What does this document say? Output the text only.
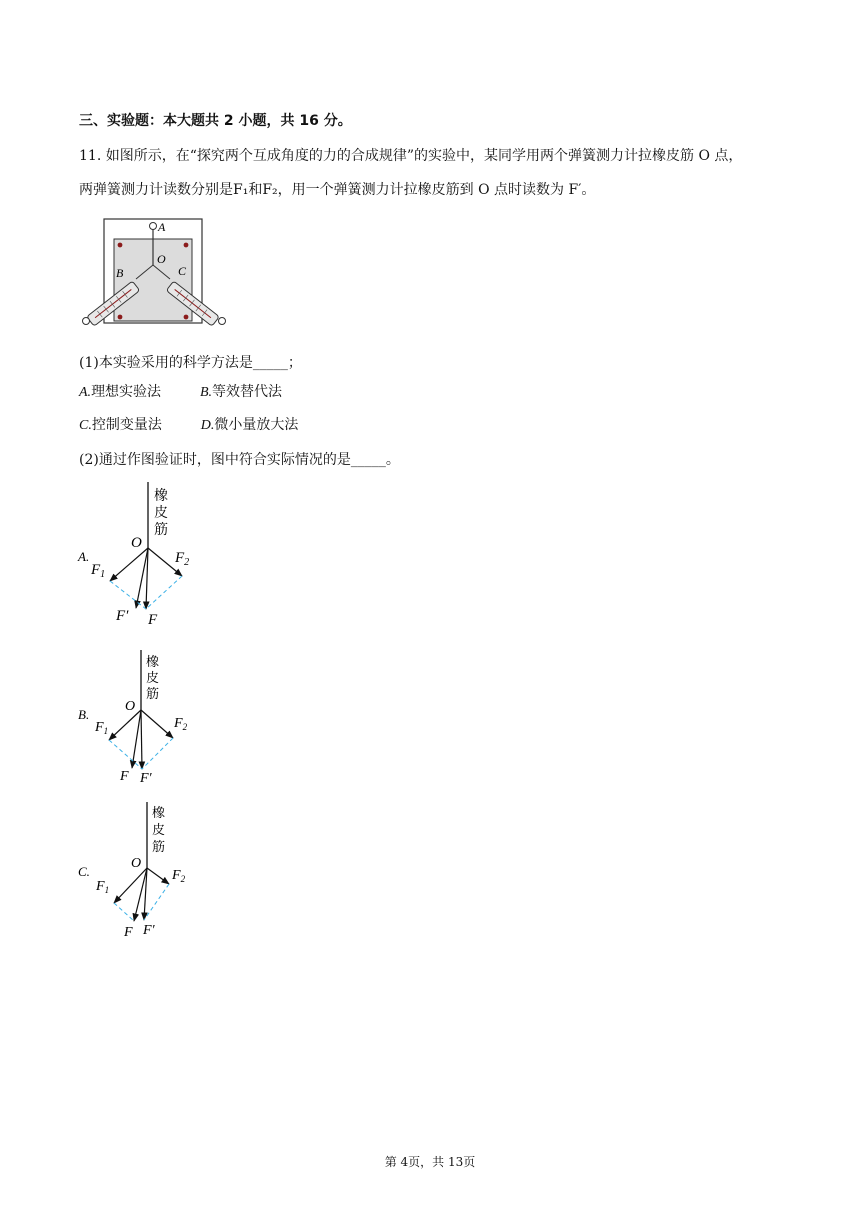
三、实验题：本大题共 2 小题，共 16 分。
11. 如图所示，在“探究两个互成角度的力的合成规律”的实验中，某同学用两个弹簧测力计拉橡皮筋 O 点，
两弹簧测力计读数分别是F₁和F₂，用一个弹簧测力计拉橡皮筋到 O 点时读数为 F′。
A
O
B	C
(1)本实验采用的科学方法是_____；
A.理想实验法	B.等效替代法
C.控制变量法	D.微小量放大法
(2)通过作图验证时，图中符合实际情况的是_____。
橡
皮
筋
A.
O
$F_1$
$F_2$
F′ F
橡
皮
筋
B.
O
$F_1$	$F_2$
F F′
橡
皮
筋
C.
O
$F_1$
$F_2$
F F′
第 4页，共 13页
